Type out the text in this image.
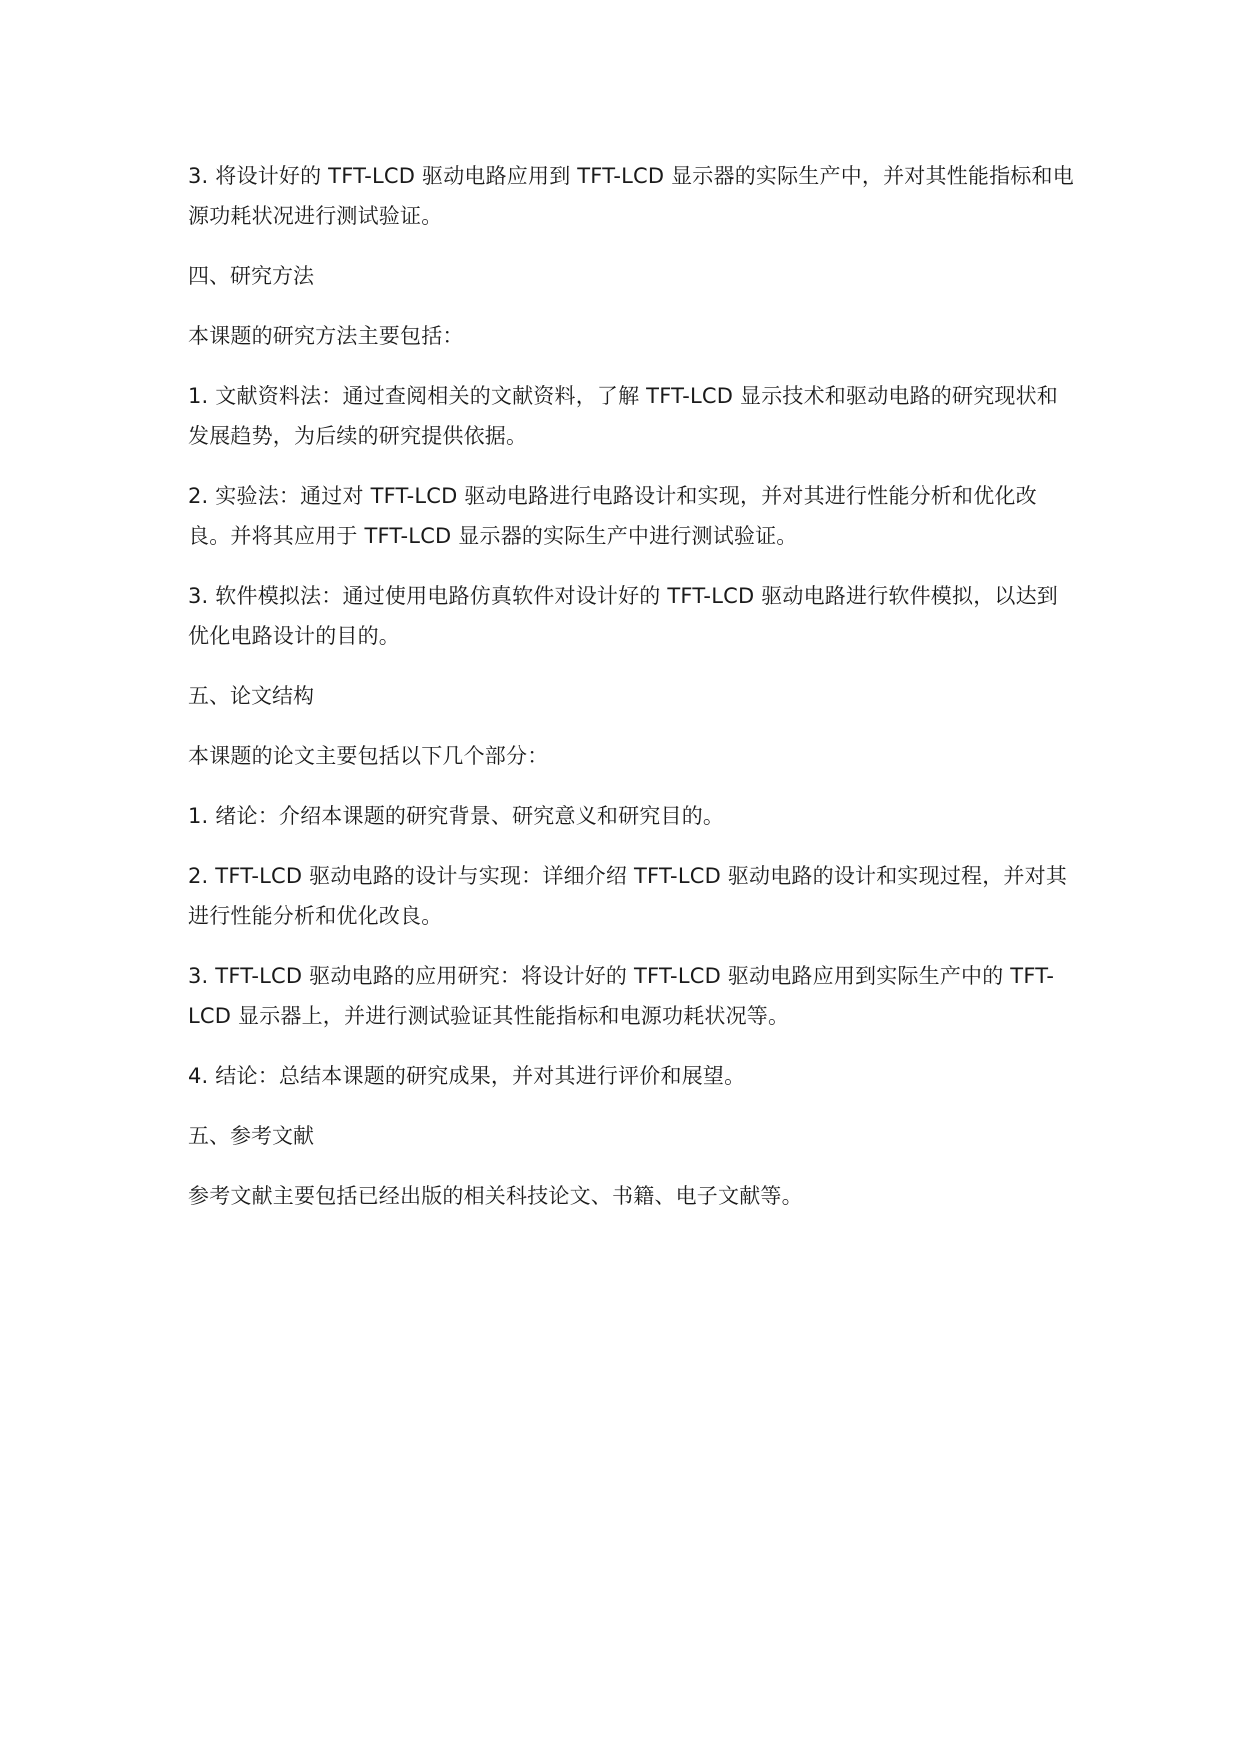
3. 将设计好的 TFT-LCD 驱动电路应用到 TFT-LCD 显示器的实际生产中，并对其性能指标和电源功耗状况进行测试验证。

四、研究方法

本课题的研究方法主要包括：

1. 文献资料法：通过查阅相关的文献资料，了解 TFT-LCD 显示技术和驱动电路的研究现状和发展趋势，为后续的研究提供依据。

2. 实验法：通过对 TFT-LCD 驱动电路进行电路设计和实现，并对其进行性能分析和优化改良。并将其应用于 TFT-LCD 显示器的实际生产中进行测试验证。

3. 软件模拟法：通过使用电路仿真软件对设计好的 TFT-LCD 驱动电路进行软件模拟，以达到优化电路设计的目的。

五、论文结构

本课题的论文主要包括以下几个部分：

1. 绪论：介绍本课题的研究背景、研究意义和研究目的。

2. TFT-LCD 驱动电路的设计与实现：详细介绍 TFT-LCD 驱动电路的设计和实现过程，并对其进行性能分析和优化改良。

3. TFT-LCD 驱动电路的应用研究：将设计好的 TFT-LCD 驱动电路应用到实际生产中的 TFT-LCD 显示器上，并进行测试验证其性能指标和电源功耗状况等。

4. 结论：总结本课题的研究成果，并对其进行评价和展望。

五、参考文献

参考文献主要包括已经出版的相关科技论文、书籍、电子文献等。
